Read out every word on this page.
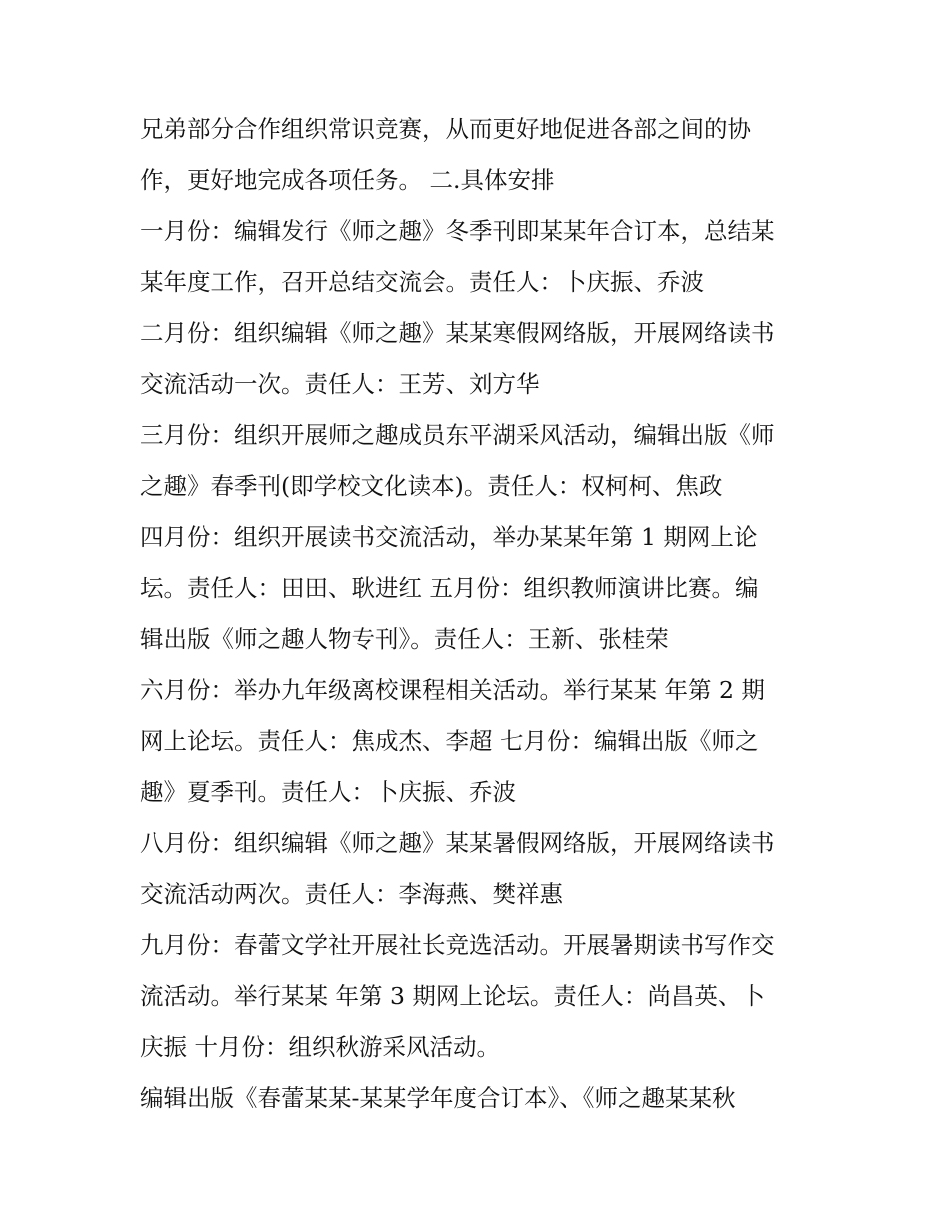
兄弟部分合作组织常识竞赛，从而更好地促进各部之间的协
作，更好地完成各项任务。 二.具体安排
一月份：编辑发行《师之趣》冬季刊即某某年合订本，总结某
某年度工作，召开总结交流会。责任人：卜庆振、乔波
二月份：组织编辑《师之趣》某某寒假网络版，开展网络读书
交流活动一次。责任人：王芳、刘方华
三月份：组织开展师之趣成员东平湖采风活动，编辑出版《师
之趣》春季刊(即学校文化读本)。责任人：权柯柯、焦政
四月份：组织开展读书交流活动，举办某某年第 1 期网上论
坛。责任人：田田、耿进红 五月份：组织教师演讲比赛。编
辑出版《师之趣人物专刊》。责任人：王新、张桂荣
六月份：举办九年级离校课程相关活动。举行某某 年第 2 期
网上论坛。责任人：焦成杰、李超 七月份：编辑出版《师之
趣》夏季刊。责任人：卜庆振、乔波
八月份：组织编辑《师之趣》某某暑假网络版，开展网络读书
交流活动两次。责任人：李海燕、樊祥惠
九月份：春蕾文学社开展社长竞选活动。开展暑期读书写作交
流活动。举行某某 年第 3 期网上论坛。责任人：尚昌英、卜
庆振 十月份：组织秋游采风活动。
编辑出版《春蕾某某-某某学年度合订本》、《师之趣某某秋
